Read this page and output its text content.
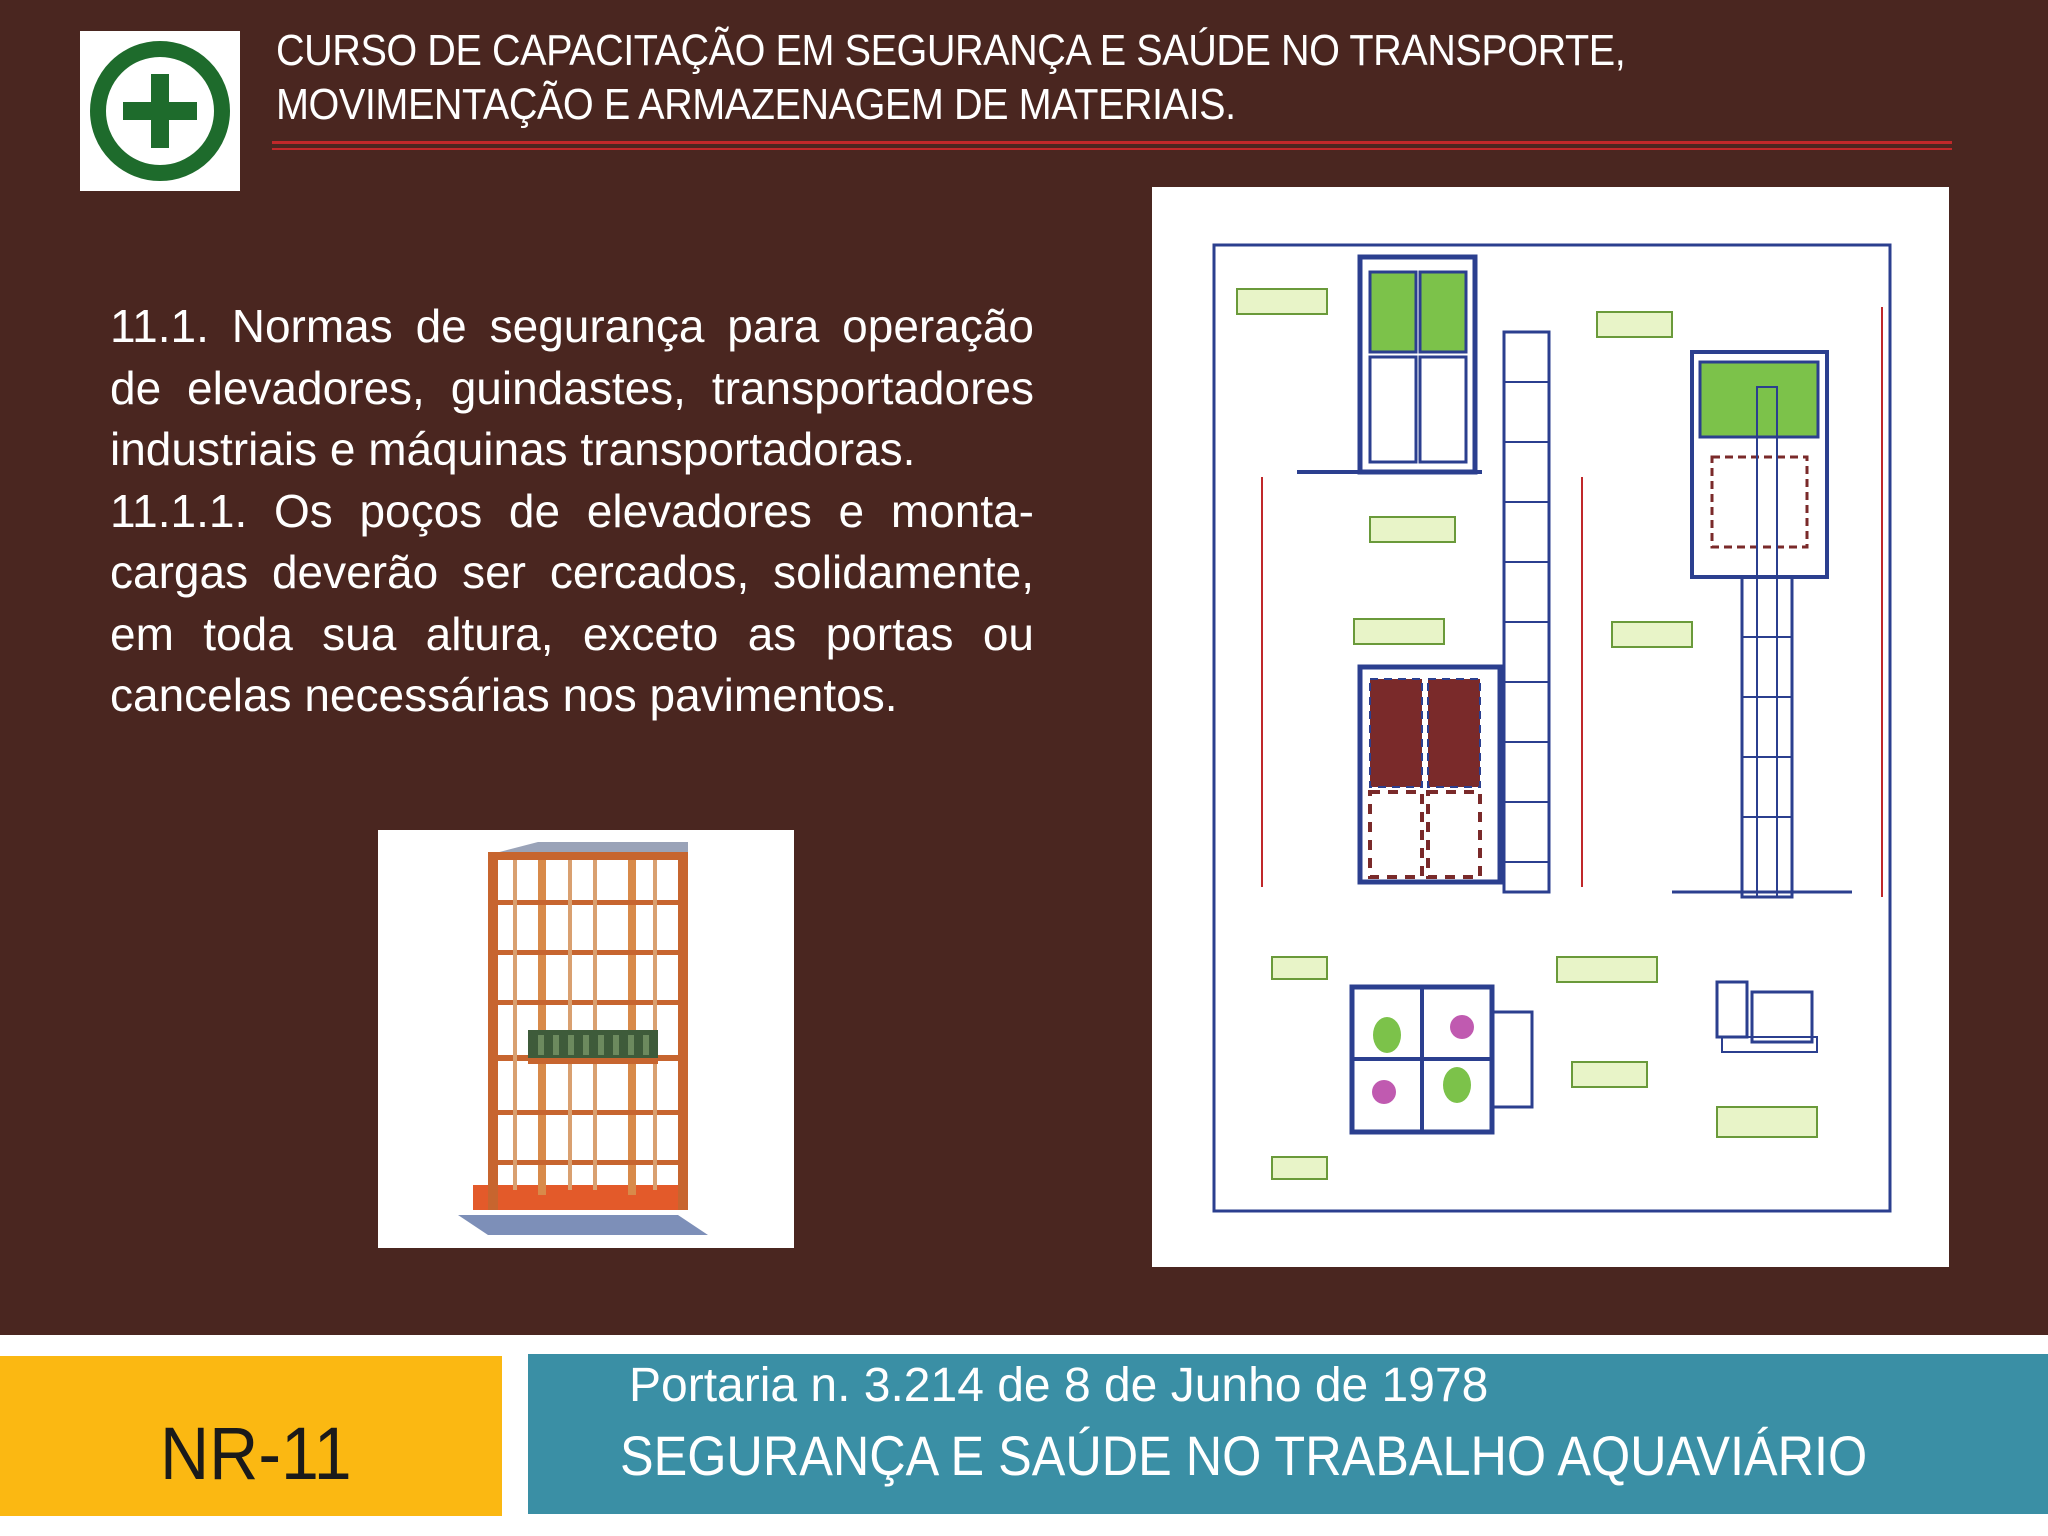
CURSO DE CAPACITAÇÃO EM SEGURANÇA E SAÚDE NO TRANSPORTE, MOVIMENTAÇÃO E ARMAZENAGEM DE MATERIAIS.

11.1. Normas de segurança para operação de elevadores, guindastes, transportadores industriais e máquinas transportadoras.

11.1.1. Os poços de elevadores e monta-cargas deverão ser cercados, solidamente, em toda sua altura, exceto as portas ou cancelas necessárias nos pavimentos.

NR-11
Portaria n. 3.214 de 8 de Junho de 1978
SEGURANÇA E SAÚDE NO TRABALHO AQUAVIÁRIO
